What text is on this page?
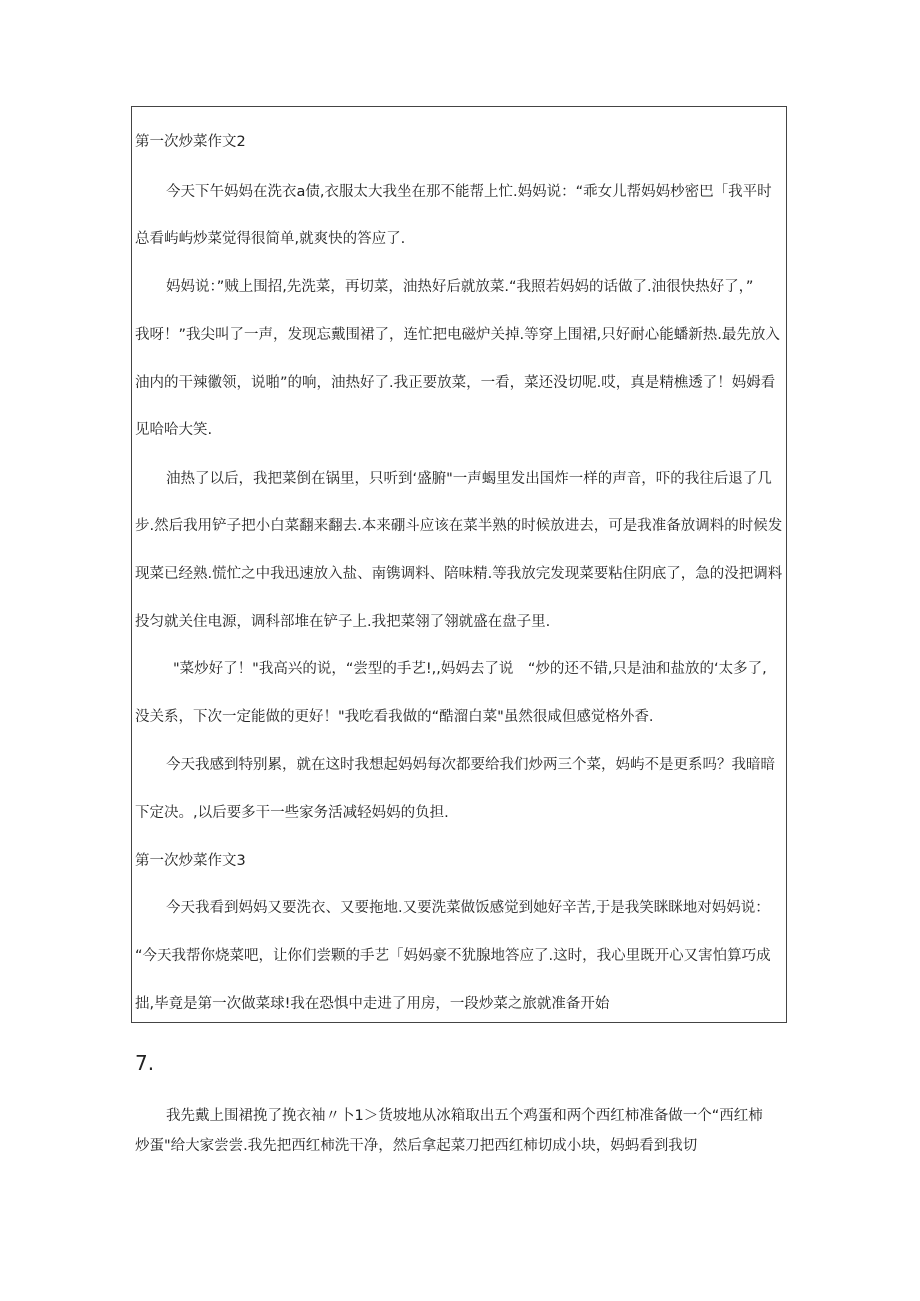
第一次炒菜作文2
今天下午妈妈在洗衣a债,衣服太大我坐在那不能帮上忙.妈妈说：“乖女儿帮妈妈杪密巴「我平时
总看屿屿炒菜觉得很简单,就爽快的答应了.
妈妈说：”贼上围招,先洗菜，再切菜，油热好后就放菜.“我照若妈妈的话做了.油很快热好了，”
我呀！”我尖叫了一声，发现忘戴围裙了，连忙把电磁炉关掉.等穿上围裙,只好耐心能蟠新热.最先放入
油内的干辣徽领，说啪”的响，油热好了.我正要放菜，一看，菜还没切呢.哎，真是精樵透了！妈姆看
见哈哈大笑.
油热了以后，我把菜倒在锅里，只听到‘盛腑"一声蝎里发出国炸一样的声音，吓的我往后退了几
步.然后我用铲子把小白菜翻来翻去.本来硼斗应该在菜半熟的时候放进去，可是我准备放调料的时候发
现菜已经熟.慌忙之中我迅速放入盐、南镌调料、陪味精.等我放完发现菜要粘住阴底了，急的没把调料
投匀就关住电源，调科部堆在铲子上.我把菜翎了翎就盛在盘子里.
"菜炒好了！"我高兴的说，“尝型的手艺!,,妈妈去了说　“炒的还不错,只是油和盐放的‘太多了,
没关系，下次一定能做的更好！"我吃看我做的“酷溜白菜"虽然很咸但感觉格外香.
今天我感到特别累，就在这时我想起妈妈每次都要给我们炒两三个菜，妈屿不是更系吗？我暗暗
下定决。,以后要多干一些家务活减轻妈妈的负担.
第一次炒菜作文3
今天我看到妈妈又要洗衣、又要拖地.又要洗菜做饭感觉到她好辛苦,于是我笑眯眯地对妈妈说：
“今天我帮你烧菜吧，让你们尝颗的手艺「妈妈豪不犹腺地答应了.这时，我心里既开心又害怕算巧成
拙,毕竟是第一次做菜球!我在恐惧中走进了用房，一段炒菜之旅就准备开始
7.
我先戴上围裙挽了挽衣袖〃卜1＞货坡地从冰箱取出五个鸡蛋和两个西红柿准备做一个“西红柿
炒蛋"给大家尝尝.我先把西红柿洗干净，然后拿起菜刀把西红柿切成小块，妈蚂看到我切
